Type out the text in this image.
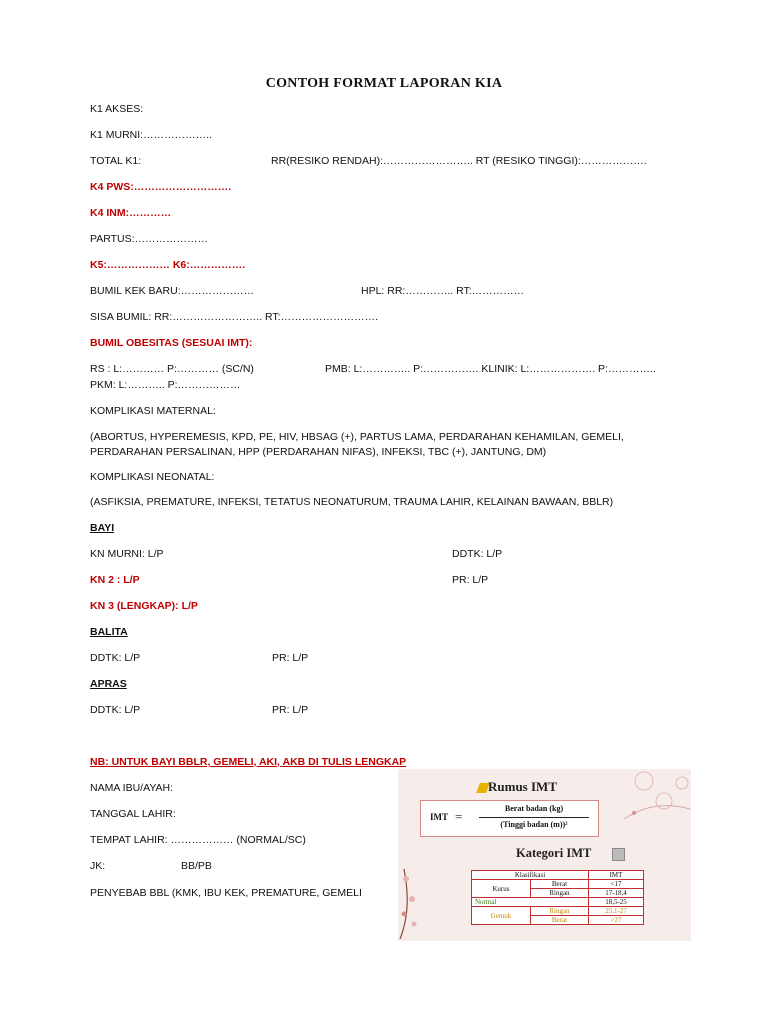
CONTOH FORMAT LAPORAN KIA
K1 AKSES:
K1 MURNI:………………..
TOTAL K1:	RR(RESIKO RENDAH):…………………….. RT (RESIKO TINGGI):……………….
K4 PWS:……………………….
K4 INM:…………
PARTUS:…………………
K5:……………… K6:…………….
BUMIL KEK BARU:…………………	HPL: RR:………….. RT:……………
SISA BUMIL: RR:…………………….. RT:……………………….
BUMIL OBESITAS (SESUAI IMT):
RS : L:………… P:………… (SC/N)	PMB: L:………….. P:……………. KLINIK: L:………………. P:…………..
PKM: L:……….. P:………………
KOMPLIKASI MATERNAL:
(ABORTUS, HYPEREMESIS, KPD, PE, HIV, HBSAG (+), PARTUS LAMA, PERDARAHAN KEHAMILAN, GEMELI,
PERDARAHAN PERSALINAN, HPP (PERDARAHAN NIFAS), INFEKSI, TBC (+), JANTUNG, DM)
KOMPLIKASI NEONATAL:
(ASFIKSIA, PREMATURE, INFEKSI, TETATUS NEONATURUM, TRAUMA LAHIR, KELAINAN BAWAAN, BBLR)
BAYI
KN MURNI: L/P	DDTK: L/P
KN 2 : L/P	PR: L/P
KN 3 (LENGKAP): L/P
BALITA
DDTK: L/P	PR: L/P
APRAS
DDTK: L/P	PR: L/P
NB: UNTUK BAYI BBLR, GEMELI, AKI, AKB DI TULIS LENGKAP
NAMA IBU/AYAH:
TANGGAL LAHIR:
TEMPAT LAHIR: ……………… (NORMAL/SC)
JK:	BB/PB
PENYEBAB BBL (KMK, IBU KEK, PREMATURE, GEMELI
Rumus IMT
IMT =
Berat badan (kg)
(Tinggi badan (m))²
Kategori IMT
Klasifikasi		IMT
Kurus	Berat	<17
	Ringan	17-18,4
Normal		18,5-25
Gemuk	Ringan	25,1-27
	Berat	>27
